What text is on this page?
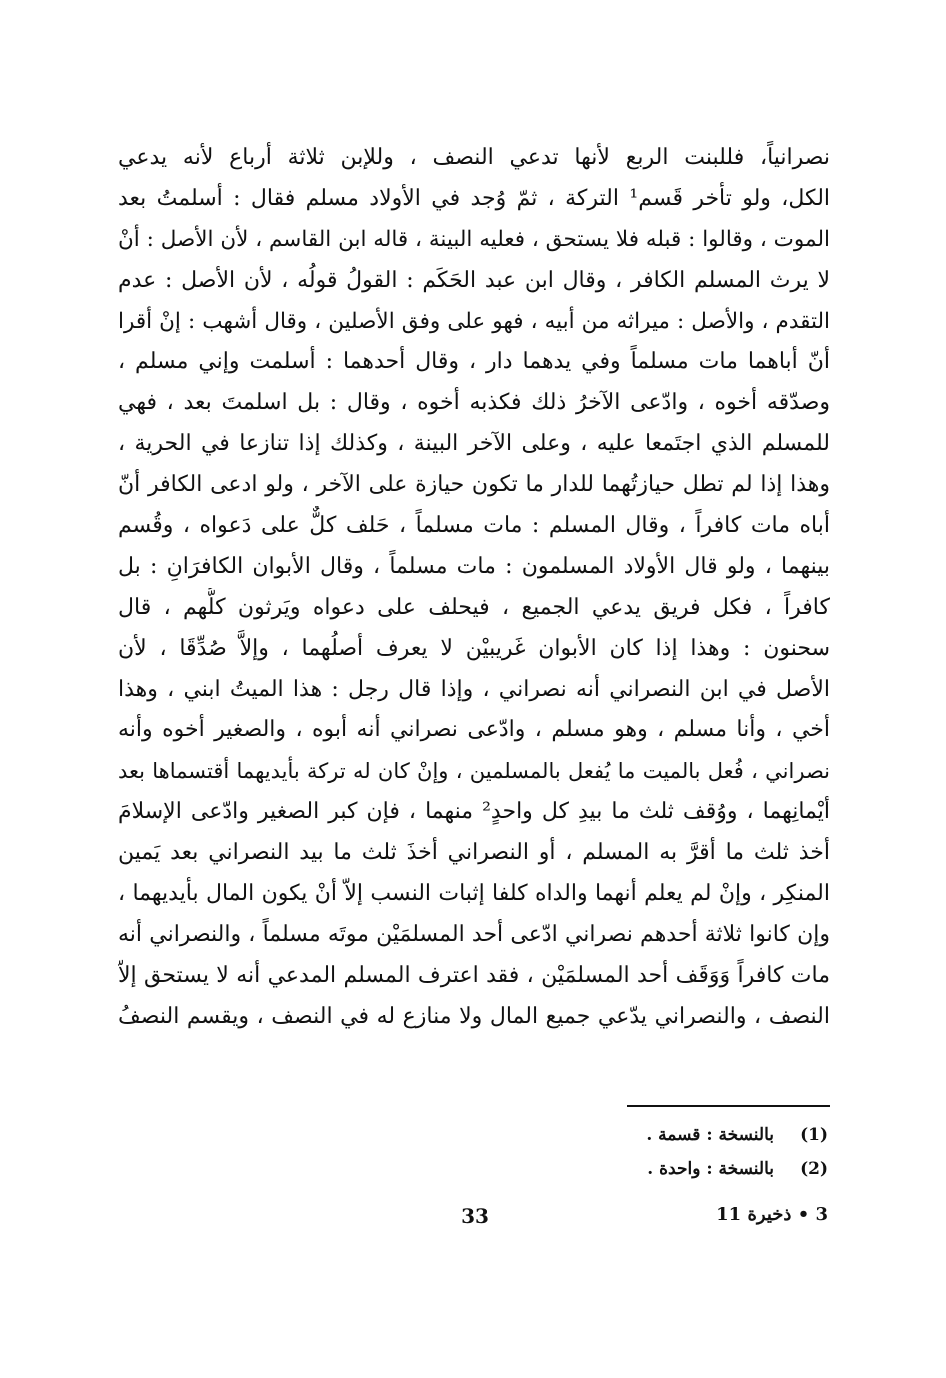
نصرانياً، فللبنت الربع لأنها تدعي النصف ، وللإبن ثلاثة أرباع لأنه يدعي
الكل، ولو تأخر قَسم¹ التركة ، ثمّ وُجد في الأولاد مسلم فقال : أسلمتُ بعد
الموت ، وقالوا : قبله فلا يستحق ، فعليه البينة ، قاله ابن القاسم ، لأن الأصل : أنْ
لا يرث المسلم الكافر ، وقال ابن عبد الحَكَم : القولُ قولُه ، لأن الأصل : عدم
التقدم ، والأصل : ميراثه من أبيه ، فهو على وفق الأصلين ، وقال أشهب : إنْ أقرا
أنّ أباهما مات مسلماً وفي يدهما دار ، وقال أحدهما : أسلمت وإني مسلم ،
وصدّقه أخوه ، وادّعى الآخرُ ذلك فكذبه أخوه ، وقال : بل اسلمتَ بعد ، فهي
للمسلم الذي اجتَمعا عليه ، وعلى الآخر البينة ، وكذلك إذا تنازعا في الحرية ،
وهذا إذا لم تطل حيازتُهما للدار ما تكون حيازة على الآخر ، ولو ادعى الكافر أنّ
أباه مات كافراً ، وقال المسلم : مات مسلماً ، حَلف كلٌّ على دَعواه ، وقُسم
بينهما ، ولو قال الأولاد المسلمون : مات مسلماً ، وقال الأبوان الكافرَانِ : بل
كافراً ، فكل فريق يدعي الجميع ، فيحلف على دعواه ويَرثون كلُّهم ، قال
سحنون : وهذا إذا كان الأبوان غَريبيْن لا يعرف أصلُهما ، وإلاَّ صُدِّقَا ، لأن
الأصل في ابن النصراني أنه نصراني ، وإذا قال رجل : هذا الميتُ ابني ، وهذا
أخي ، وأنا مسلم ، وهو مسلم ، وادّعى نصراني أنه أبوه ، والصغير أخوه وأنه
نصراني ، فُعل بالميت ما يُفعل بالمسلمين ، وإنْ كان له تركة بأيديهما أقتسماها بعد
أيْمانِهما ، ووُقف ثلث ما بيدِ كل واحدٍ² منهما ، فإن كبر الصغير وادّعى الإسلامَ
أخذ ثلث ما أقرَّ به المسلم ، أو النصراني أخذَ ثلث ما بيد النصراني بعد يَمين
المنكِر ، وإنْ لم يعلم أنهما والداه كلفا إثبات النسب إلاّ أنْ يكون المال بأيديهما ،
وإن كانوا ثلاثة أحدهم نصراني ادّعى أحد المسلمَيْن موتَه مسلماً ، والنصراني أنه
مات كافراً وَوَقَف أحد المسلمَيْن ، فقد اعترف المسلم المدعي أنه لا يستحق إلاّ
النصف ، والنصراني يدّعي جميع المال ولا منازع له في النصف ، ويقسم النصفُ
(1)بالنسخة : قسمة .
(2)بالنسخة : واحدة .
33	3 • ذخيرة 11
